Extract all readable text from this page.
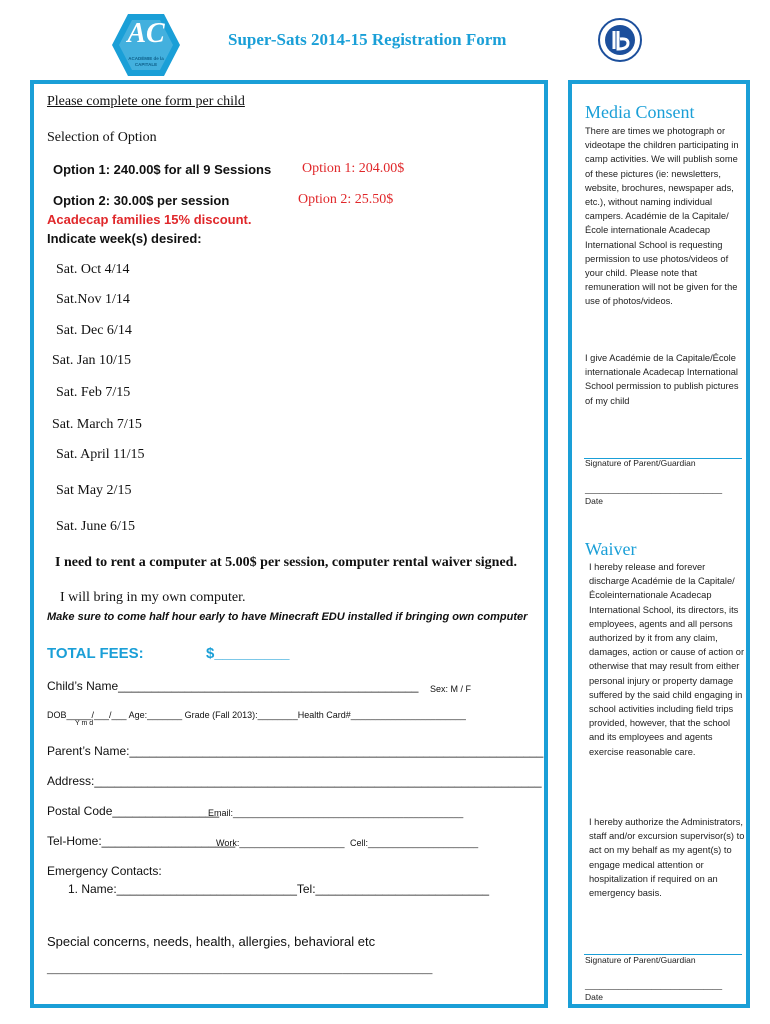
AC
ACADÉMIE de la
CAPITALE
Super-Sats 2014-15 Registration Form
Please complete one form per child
Selection of Option
Option 1: 240.00$ for all 9 Sessions Option 1: 204.00$
Option 2: 30.00$ per session	Option 2: 25.50$
Acadecap families 15% discount.
Indicate week(s) desired:
Sat. Oct 4/14
Sat.Nov 1/14
Sat. Dec 6/14
Sat. Jan 10/15
Sat. Feb 7/15
Sat. March 7/15
Sat. April 11/15
Sat May 2/15
Sat. June 6/15
I need to rent a computer at 5.00$ per session, computer rental waiver signed.
I will bring in my own computer.
Make sure to come half hour early to have Minecraft EDU installed if bringing own computer
TOTAL FEES:	$_________
Child’s Name_____________________________________________ Sex: M / F
DOB_____/___/___ Age:_______ Grade (Fall 2013):________Health Card#_______________________
Y m d
Parent’s Name:______________________________________________________________
Address:___________________________________________________________________
Postal Code________________
Email:______________________________________________
Tel-Home:____________________
Work:_____________________ Cell:______________________
Emergency Contacts:
1. Name:___________________________Tel:__________________________
Special concerns, needs, health, allergies, behavioral etc
_____________________________________________________________________________
Media Consent
There are times we photograph or videotape the children participating in camp activities. We will publish some of these pictures (ie: newsletters, website, brochures, newspaper ads, etc.), without naming individual campers. Académie de la Capitale/École internationale Acadecap International School is requesting permission to use photos/videos of your child. Please note that remuneration will not be given for the use of photos/videos.
I give Académie de la Capitale/École internationale Acadecap International School permission to publish pictures of my child
Signature of Parent/Guardian
_____________________________
Date
Waiver
I hereby release and forever discharge Académie de la Capitale/Écoleinternationale Acadecap International School, its directors, its employees, agents and all persons authorized by it from any claim, damages, action or cause of action or otherwise that may result from either personal injury or property damage suffered by the said child engaging in school activities including field trips provided, however, that the school and its employees and agents exercise reasonable care.
I hereby authorize the Administrators, staff and/or excursion supervisor(s) to act on my behalf as my agent(s) to engage medical attention or hospitalization if required on an emergency basis.
Signature of Parent/Guardian
_____________________________
Date
